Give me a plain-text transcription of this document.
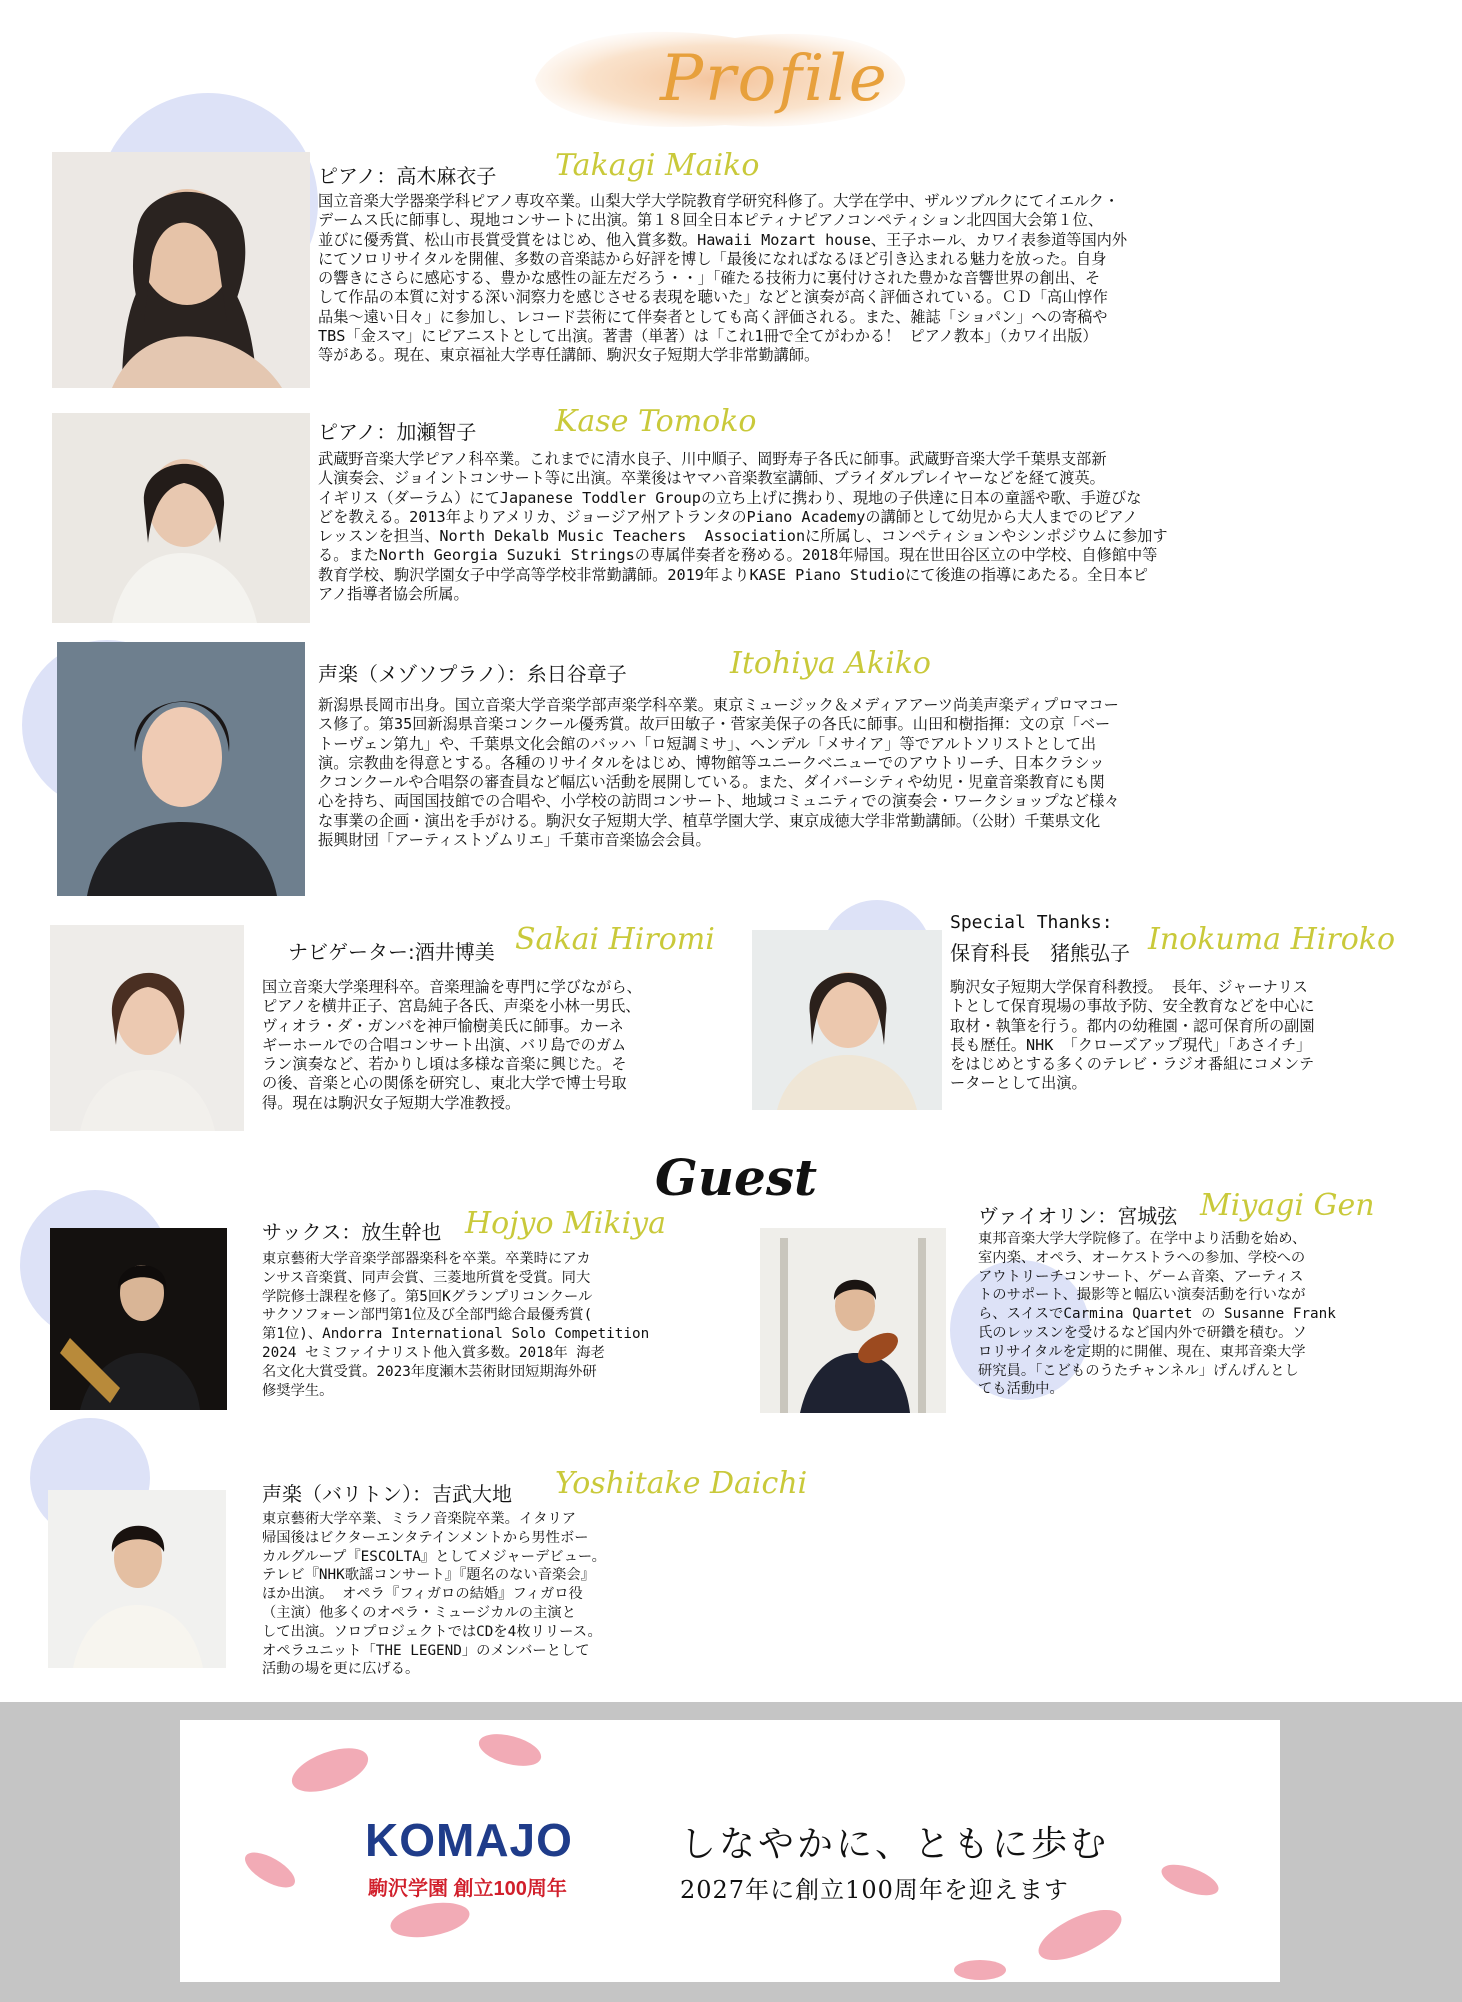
Profile
ピアノ：高木麻衣子 Takagi Maiko
国立音楽大学器楽学科ピアノ専攻卒業。山梨大学大学院教育学研究科修了。大学在学中、ザルツブルクにてイエルク・
デームス氏に師事し、現地コンサートに出演。第１８回全日本ピティナピアノコンペティション北四国大会第１位、
並びに優秀賞、松山市長賞受賞をはじめ、他入賞多数。Hawaii Mozart house、王子ホール、カワイ表参道等国内外
にてソロリサイタルを開催、多数の音楽誌から好評を博し「最後になればなるほど引き込まれる魅力を放った。自身
の響きにさらに感応する、豊かな感性の証左だろう・・」「確たる技術力に裏付けされた豊かな音響世界の創出、そ
して作品の本質に対する深い洞察力を感じさせる表現を聴いた」などと演奏が高く評価されている。ＣＤ「高山惇作
品集～遠い日々」に参加し、レコード芸術にて伴奏者としても高く評価される。また、雑誌「ショパン」への寄稿や
TBS「金スマ」にピアニストとして出演。著書（単著）は「これ1冊で全てがわかる！ ピアノ教本」（カワイ出版）
等がある。現在、東京福祉大学専任講師、駒沢女子短期大学非常勤講師。
ピアノ：加瀬智子	Kase Tomoko
武蔵野音楽大学ピアノ科卒業。これまでに清水良子、川中順子、岡野寿子各氏に師事。武蔵野音楽大学千葉県支部新
人演奏会、ジョイントコンサート等に出演。卒業後はヤマハ音楽教室講師、ブライダルプレイヤーなどを経て渡英。
イギリス（ダーラム）にてJapanese Toddler Groupの立ち上げに携わり、現地の子供達に日本の童謡や歌、手遊びな
どを教える。2013年よりアメリカ、ジョージア州アトランタのPiano Academyの講師として幼児から大人までのピアノ
レッスンを担当、North Dekalb Music Teachers  Associationに所属し、コンペティションやシンポジウムに参加す
る。またNorth Georgia Suzuki Stringsの専属伴奏者を務める。2018年帰国。現在世田谷区立の中学校、自修館中等
教育学校、駒沢学園女子中学高等学校非常勤講師。2019年よりKASE Piano Studioにて後進の指導にあたる。全日本ピ
アノ指導者協会所属。
声楽（メゾソプラノ）：糸日谷章子	Itohiya Akiko
新潟県長岡市出身。国立音楽大学音楽学部声楽学科卒業。東京ミュージック＆メディアアーツ尚美声楽ディプロマコー
ス修了。第35回新潟県音楽コンクール優秀賞。故戸田敏子・菅家美保子の各氏に師事。山田和樹指揮：文の京「ベー
トーヴェン第九」や、千葉県文化会館のバッハ「ロ短調ミサ」、ヘンデル「メサイア」等でアルトソリストとして出
演。宗教曲を得意とする。各種のリサイタルをはじめ、博物館等ユニークベニューでのアウトリーチ、日本クラシッ
クコンクールや合唱祭の審査員など幅広い活動を展開している。また、ダイバーシティや幼児・児童音楽教育にも関
心を持ち、両国国技館での合唱や、小学校の訪問コンサート、地域コミュニティでの演奏会・ワークショップなど様々
な事業の企画・演出を手がける。駒沢女子短期大学、植草学園大学、東京成徳大学非常勤講師。（公財）千葉県文化
振興財団「アーティストゾムリエ」千葉市音楽協会会員。
ナビゲーター:酒井博美 Sakai Hiromi
国立音楽大学楽理科卒。音楽理論を専門に学びながら、
ピアノを横井正子、宮島純子各氏、声楽を小林一男氏、
ヴィオラ・ダ・ガンバを神戸愉樹美氏に師事。カーネ
ギーホールでの合唱コンサート出演、バリ島でのガム
ラン演奏など、若かりし頃は多様な音楽に興じた。そ
の後、音楽と心の関係を研究し、東北大学で博士号取
得。現在は駒沢女子短期大学准教授。
Special Thanks:
保育科長　猪熊弘子 Inokuma Hiroko
駒沢女子短期大学保育科教授。 長年、ジャーナリス
トとして保育現場の事故予防、安全教育などを中心に
取材・執筆を行う。都内の幼稚園・認可保育所の副園
長も歴任。NHK 「クローズアップ現代」「あさイチ」
をはじめとする多くのテレビ・ラジオ番組にコメンテ
ーターとして出演。
Guest
サックス：放生幹也 Hojyo Mikiya
東京藝術大学音楽学部器楽科を卒業。卒業時にアカ
ンサス音楽賞、同声会賞、三菱地所賞を受賞。同大
学院修士課程を修了。第5回Kグランプリコンクール
サクソフォーン部門第1位及び全部門総合最優秀賞(
第1位)、Andorra International Solo Competition
2024 セミファイナリスト他入賞多数。2018年 海老
名文化大賞受賞。2023年度瀬木芸術財団短期海外研
修奨学生。
ヴァイオリン：宮城弦 Miyagi Gen
東邦音楽大学大学院修了。在学中より活動を始め、
室内楽、オペラ、オーケストラへの参加、学校への
アウトリーチコンサート、ゲーム音楽、アーティス
トのサポート、撮影等と幅広い演奏活動を行いなが
ら、スイスでCarmina Quartet の Susanne Frank
氏のレッスンを受けるなど国内外で研鑽を積む。ソ
ロリサイタルを定期的に開催、現在、東邦音楽大学
研究員。「こどものうたチャンネル」げんげんとし
ても活動中。
声楽（バリトン）：吉武大地 Yoshitake Daichi
東京藝術大学卒業、ミラノ音楽院卒業。イタリア
帰国後はビクターエンタテインメントから男性ボー
カルグループ『ESCOLTA』としてメジャーデビュー。
テレビ『NHK歌謡コンサート』『題名のない音楽会』
ほか出演。 オペラ『フィガロの結婚』フィガロ役
（主演）他多くのオペラ・ミュージカルの主演と
して出演。ソロプロジェクトではCDを4枚リリース。
オペラユニット「THE LEGEND」のメンバーとして
活動の場を更に広げる。
KOMAJO
駒沢学園 創立100周年
しなやかに、ともに歩む
2027年に創立100周年を迎えます
